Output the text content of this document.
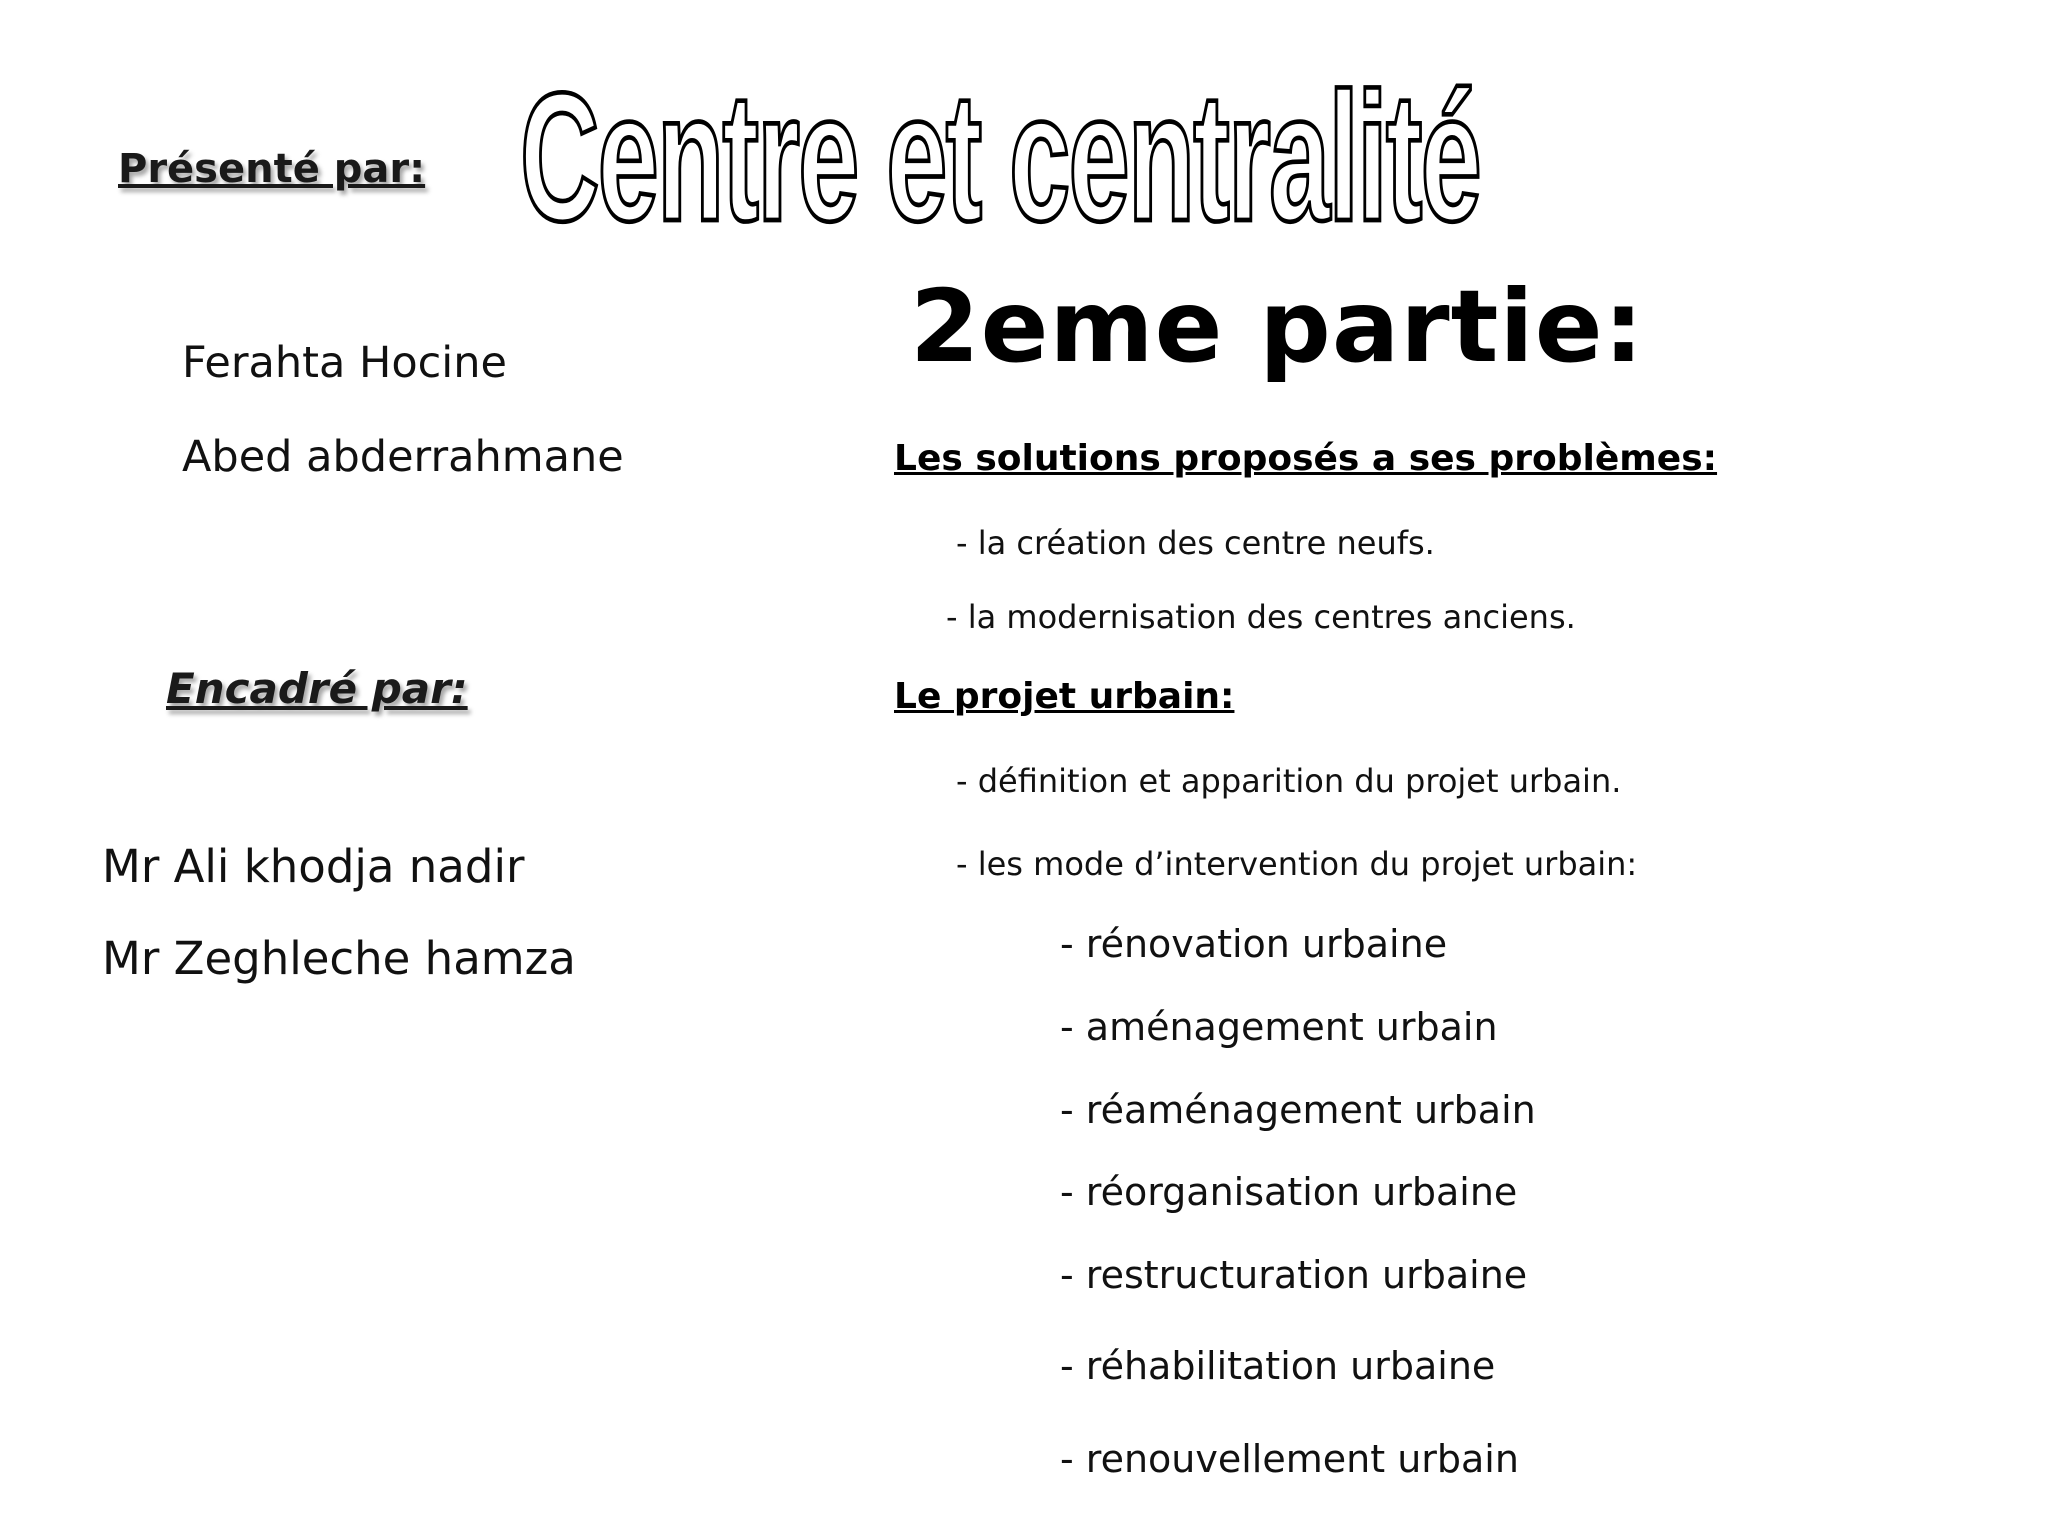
Centre et centralité
Présenté par:
Ferahta Hocine
Abed abderrahmane
Encadré par:
Mr Ali khodja nadir
Mr Zeghleche hamza
2eme partie:
Les solutions proposés a ses problèmes:
- la création des centre neufs.
- la modernisation des centres anciens.
Le projet urbain:
- définition et apparition du projet urbain.
- les mode d’intervention du projet urbain:
- rénovation urbaine
- aménagement urbain
- réaménagement urbain
- réorganisation urbaine
- restructuration urbaine
- réhabilitation urbaine
- renouvellement urbain
